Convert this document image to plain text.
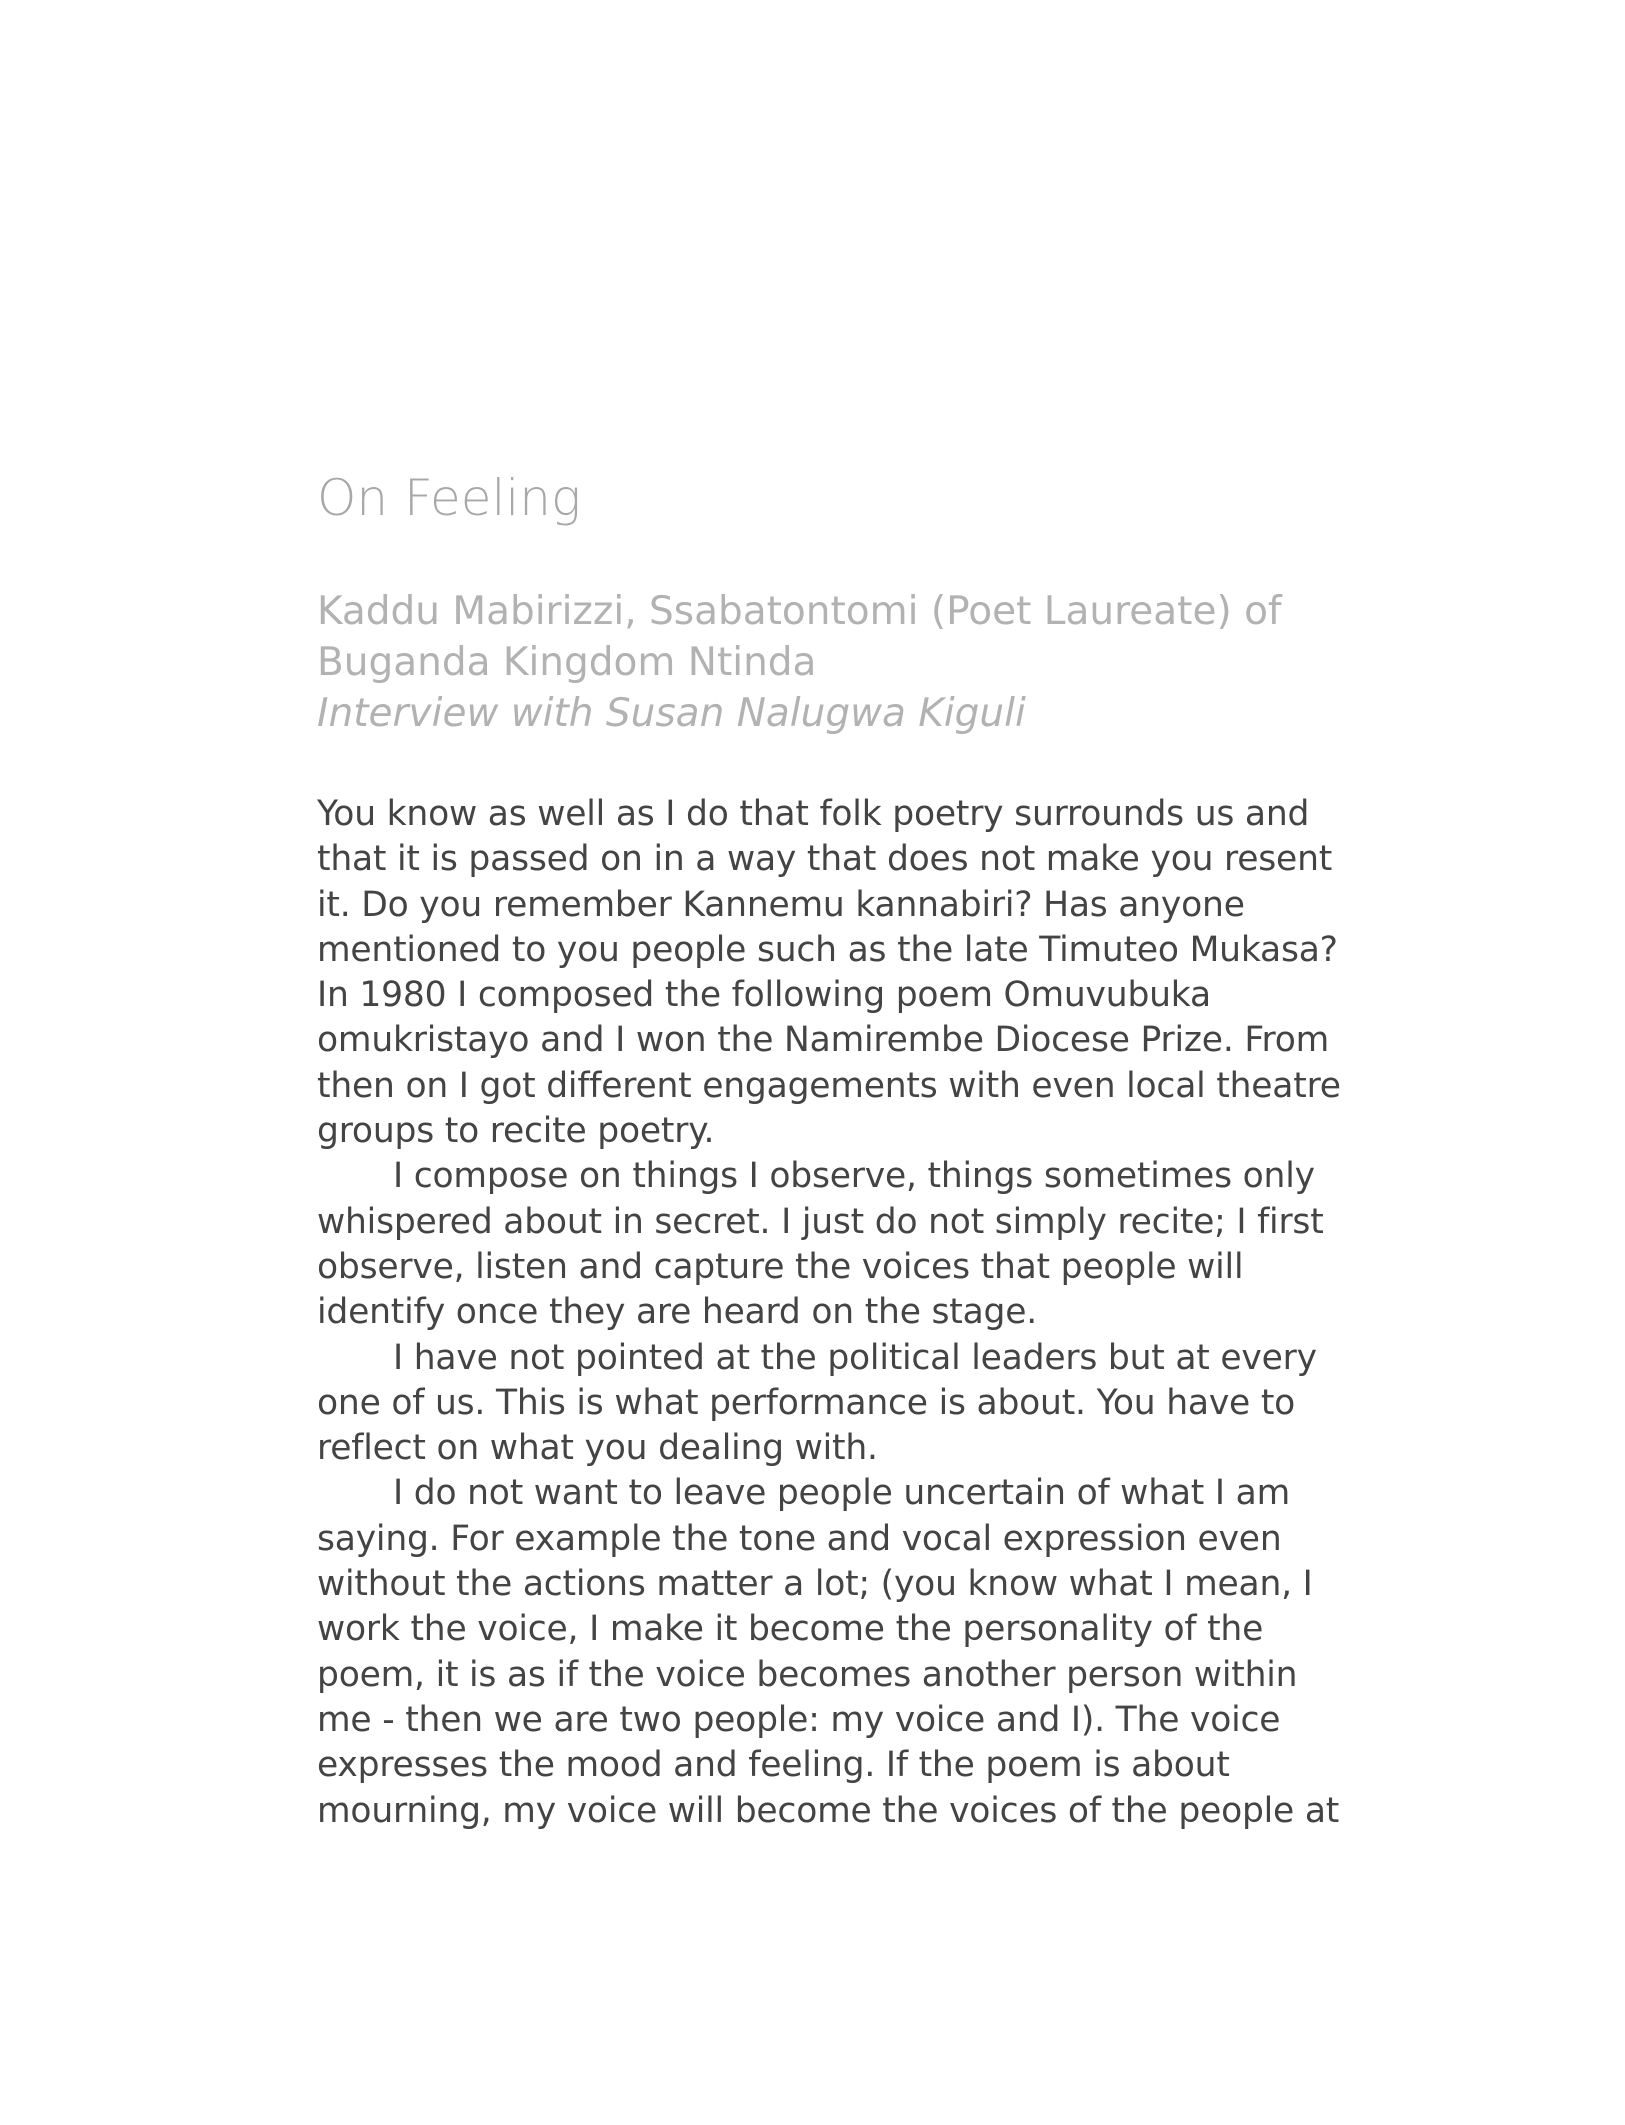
On Feeling
Kaddu Mabirizzi, Ssabatontomi (Poet Laureate) of
Buganda Kingdom Ntinda
Interview with Susan Nalugwa Kiguli
You know as well as I do that folk poetry surrounds us and
that it is passed on in a way that does not make you resent
it. Do you remember Kannemu kannabiri? Has anyone
mentioned to you people such as the late Timuteo Mukasa?
In 1980 I composed the following poem Omuvubuka
omukristayo and I won the Namirembe Diocese Prize. From
then on I got different engagements with even local theatre
groups to recite poetry.
I compose on things I observe, things sometimes only
whispered about in secret. I just do not simply recite; I first
observe, listen and capture the voices that people will
identify once they are heard on the stage.
I have not pointed at the political leaders but at every
one of us. This is what performance is about. You have to
reflect on what you dealing with.
I do not want to leave people uncertain of what I am
saying. For example the tone and vocal expression even
without the actions matter a lot; (you know what I mean, I
work the voice, I make it become the personality of the
poem, it is as if the voice becomes another person within
me - then we are two people: my voice and I). The voice
expresses the mood and feeling. If the poem is about
mourning, my voice will become the voices of the people at
